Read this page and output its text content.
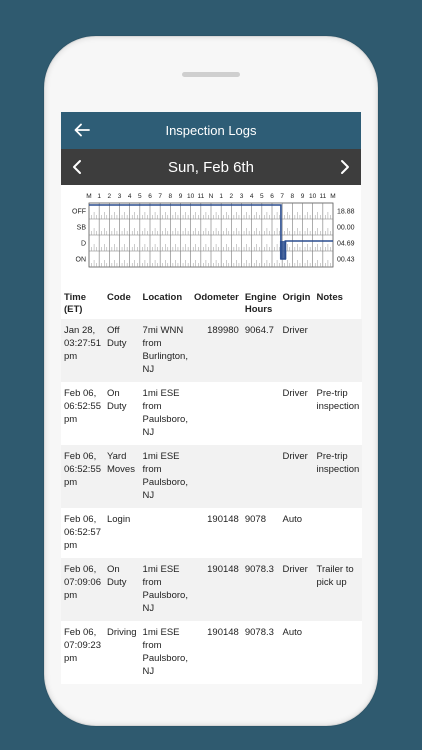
Inspection Logs
Sun, Feb 6th
M 1 2 3 4 5 6 7 8 9 10 11 N 1 2 3 4 5 6 7 8 9 10 11 M
OFF	18.88
SB	00.00
D	04.69
ON	00.43
Time (ET)	Code	Location	Odometer	Engine Hours	Origin	Notes
Jan 28, 03:27:51 pm	Off Duty	7mi WNN from Burlington, NJ	189980	9064.7	Driver	
Feb 06, 06:52:55 pm	On Duty	1mi ESE from Paulsboro, NJ			Driver	Pre-trip inspection
Feb 06, 06:52:55 pm	Yard Moves	1mi ESE from Paulsboro, NJ			Driver	Pre-trip inspection
Feb 06, 06:52:57 pm	Login		190148	9078	Auto	
Feb 06, 07:09:06 pm	On Duty	1mi ESE from Paulsboro, NJ	190148	9078.3	Driver	Trailer to pick up
Feb 06, 07:09:23 pm	Driving	1mi ESE from Paulsboro, NJ	190148	9078.3	Auto	
